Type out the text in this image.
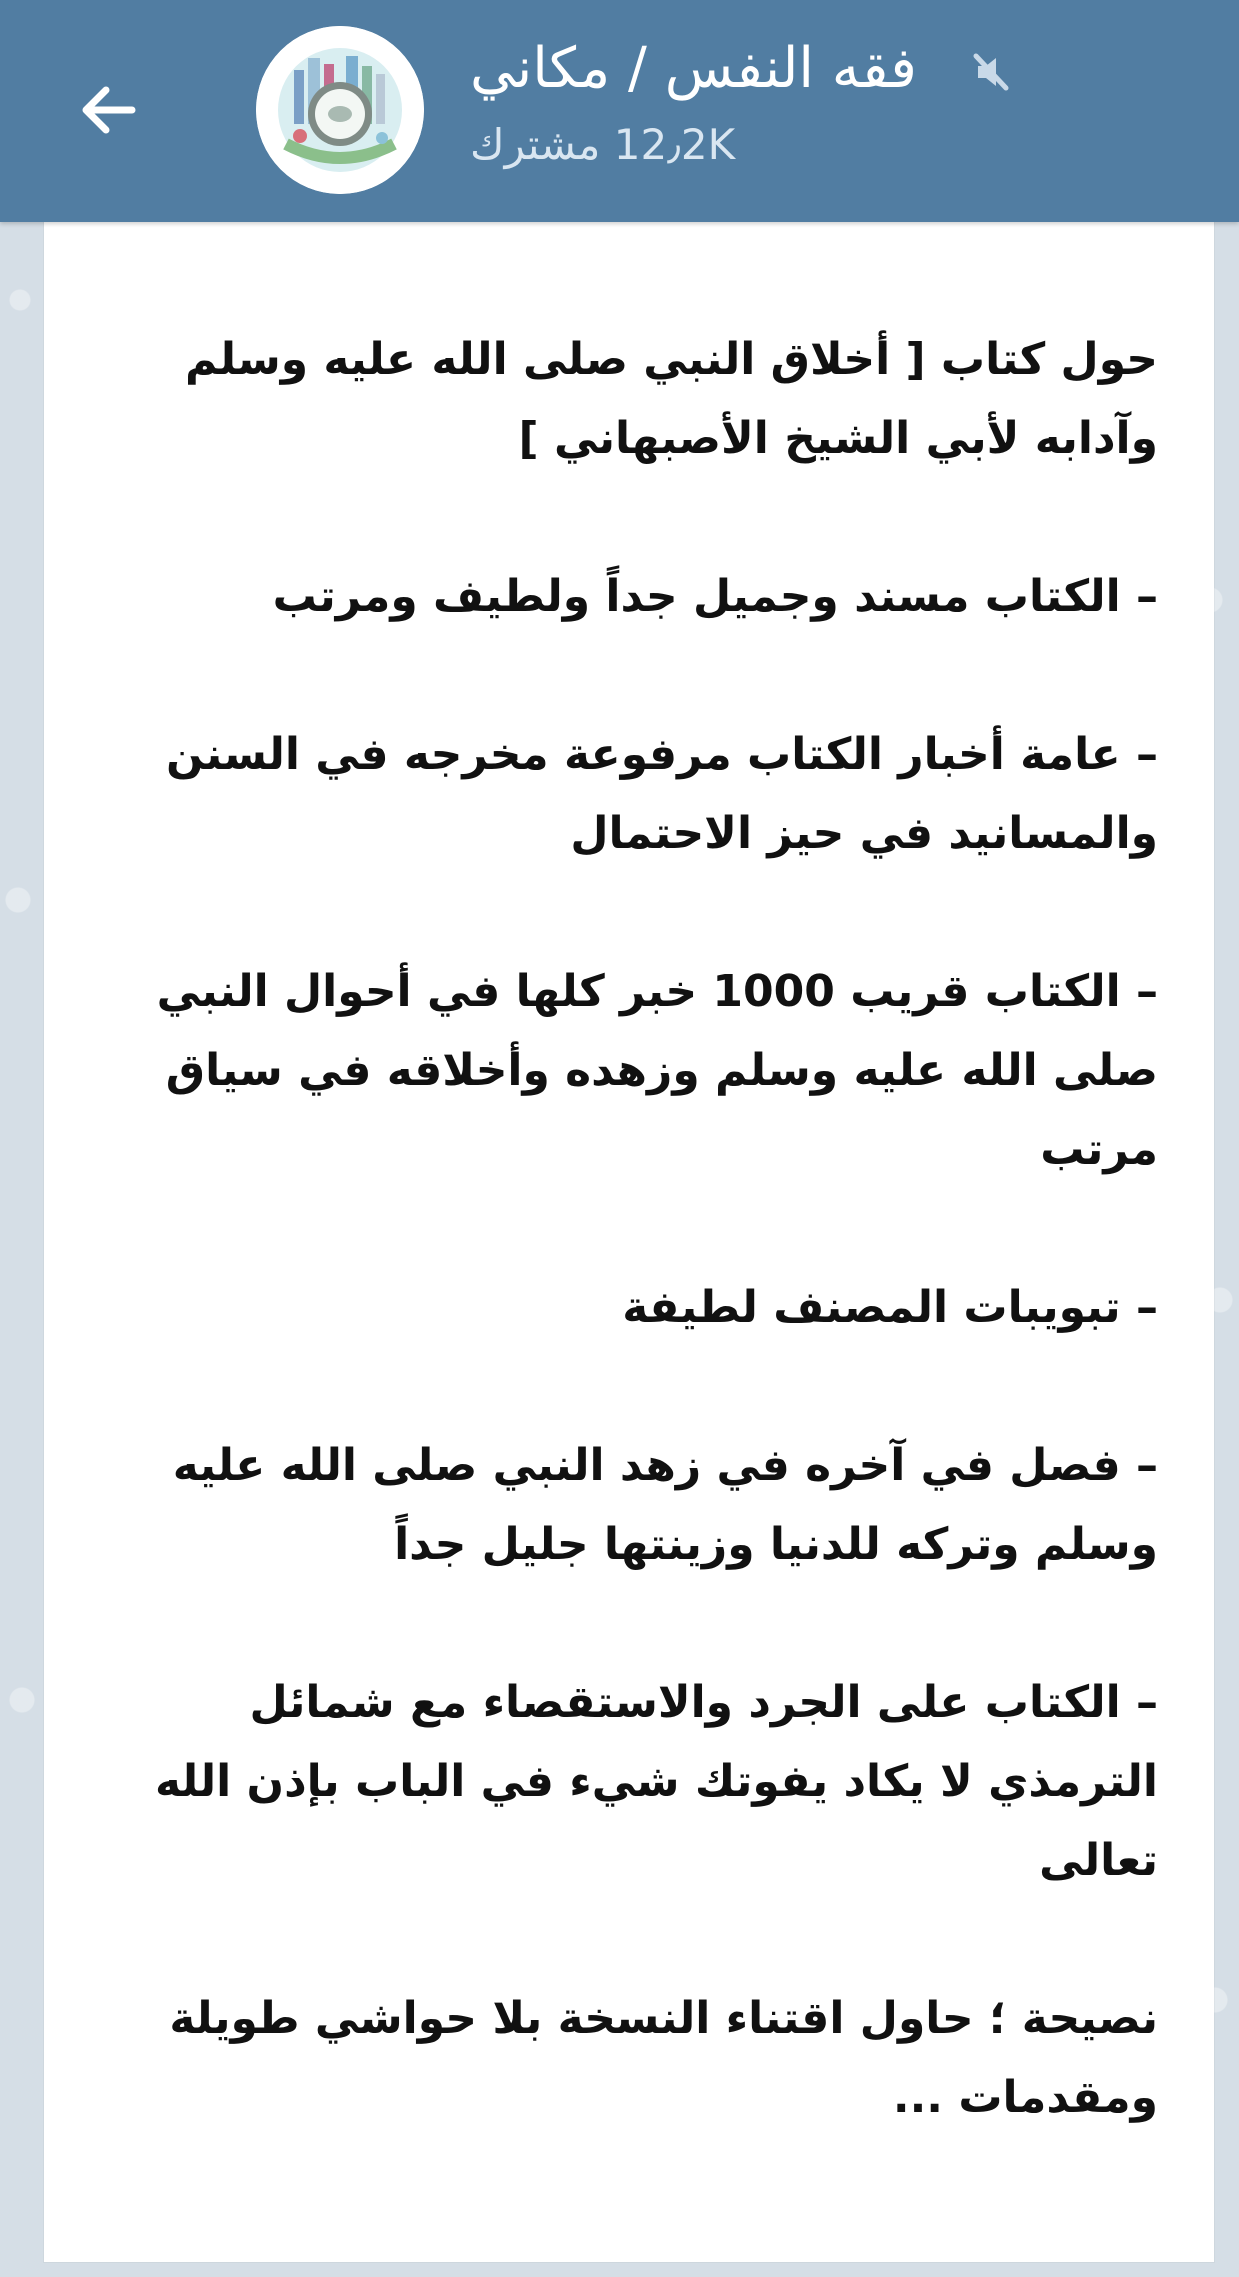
فقه النفس / مكاني
12٫2K مشترك

حول كتاب [ أخلاق النبي صلى الله عليه وسلم وآدابه لأبي الشيخ الأصبهاني ]

– الكتاب مسند وجميل جداً ولطيف ومرتب

– عامة أخبار الكتاب مرفوعة مخرجه في السنن والمسانيد في حيز الاحتمال

– الكتاب قريب 1000 خبر كلها في أحوال النبي صلى الله عليه وسلم وزهده وأخلاقه في سياق مرتب

– تبويبات المصنف لطيفة

– فصل في آخره في زهد النبي صلى الله عليه وسلم وتركه للدنيا وزينتها جليل جداً

– الكتاب على الجرد والاستقصاء مع شمائل الترمذي لا يكاد يفوتك شيء في الباب بإذن الله تعالى

نصيحة ؛ حاول اقتناء النسخة بلا حواشي طويلة ومقدمات ...
